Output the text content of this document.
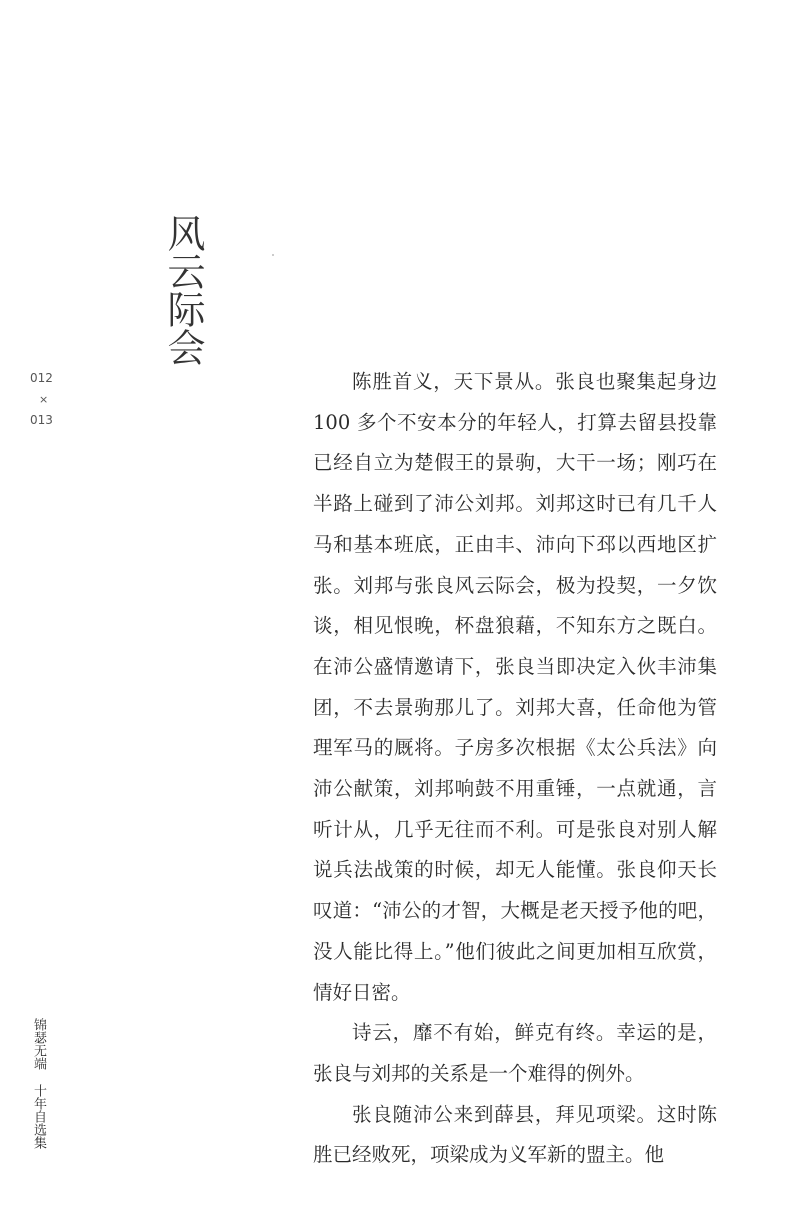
风云际会
012
×
013

陈胜首义，天下景从。张良也聚集起身边 100 多个不安本分的年轻人，打算去留县投靠已经自立为楚假王的景驹，大干一场；刚巧在半路上碰到了沛公刘邦。刘邦这时已有几千人马和基本班底，正由丰、沛向下邳以西地区扩张。刘邦与张良风云际会，极为投契，一夕饮谈，相见恨晚，杯盘狼藉，不知东方之既白。在沛公盛情邀请下，张良当即决定入伙丰沛集团，不去景驹那儿了。刘邦大喜，任命他为管理军马的厩将。子房多次根据《太公兵法》向沛公献策，刘邦响鼓不用重锤，一点就通，言听计从，几乎无往而不利。可是张良对别人解说兵法战策的时候，却无人能懂。张良仰天长叹道：“沛公的才智，大概是老天授予他的吧，没人能比得上。”他们彼此之间更加相互欣赏，情好日密。

诗云，靡不有始，鲜克有终。幸运的是，张良与刘邦的关系是一个难得的例外。

张良随沛公来到薛县，拜见项梁。这时陈胜已经败死，项梁成为义军新的盟主。他

锦瑟无端十年自选集
